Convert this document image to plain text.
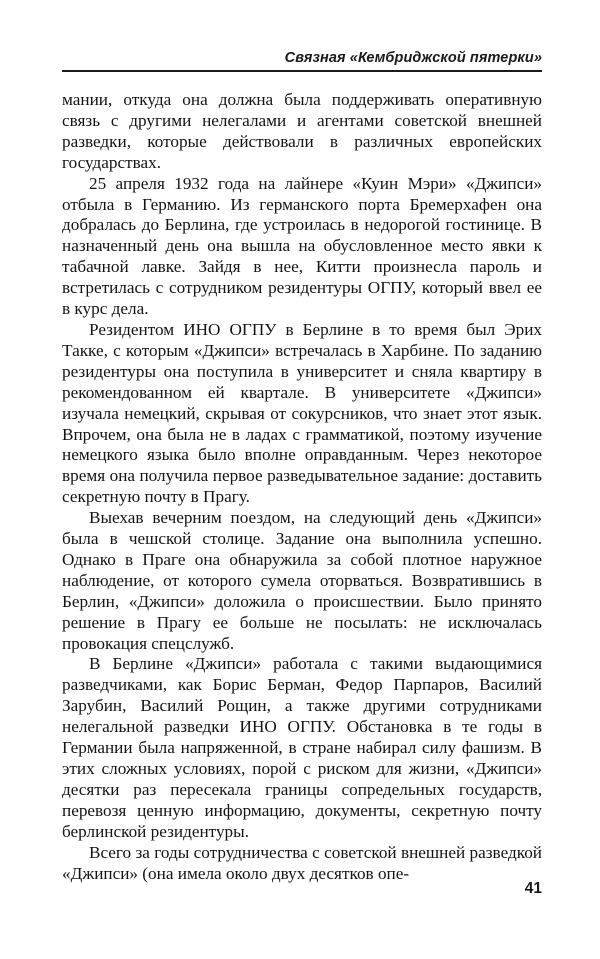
Связная «Кембриджской пятерки»

мании, откуда она должна была поддерживать оперативную связь с другими нелегалами и агентами советской внешней разведки, которые действовали в различных европейских государствах.

25 апреля 1932 года на лайнере «Куин Мэри» «Джипси» отбыла в Германию. Из германского порта Бремерхафен она добралась до Берлина, где устроилась в недорогой гостинице. В назначенный день она вышла на обусловленное место явки к табачной лавке. Зайдя в нее, Китти произнесла пароль и встретилась с сотрудником резидентуры ОГПУ, который ввел ее в курс дела.

Резидентом ИНО ОГПУ в Берлине в то время был Эрих Такке, с которым «Джипси» встречалась в Харбине. По заданию резидентуры она поступила в университет и сняла квартиру в рекомендованном ей квартале. В университете «Джипси» изучала немецкий, скрывая от сокурсников, что знает этот язык. Впрочем, она была не в ладах с грамматикой, поэтому изучение немецкого языка было вполне оправданным. Через некоторое время она получила первое разведывательное задание: доставить секретную почту в Прагу.

Выехав вечерним поездом, на следующий день «Джипси» была в чешской столице. Задание она выполнила успешно. Однако в Праге она обнаружила за собой плотное наружное наблюдение, от которого сумела оторваться. Возвратившись в Берлин, «Джипси» доложила о происшествии. Было принято решение в Прагу ее больше не посылать: не исключалась провокация спецслужб.

В Берлине «Джипси» работала с такими выдающимися разведчиками, как Борис Берман, Федор Парпаров, Василий Зарубин, Василий Рощин, а также другими сотрудниками нелегальной разведки ИНО ОГПУ. Обстановка в те годы в Германии была напряженной, в стране набирал силу фашизм. В этих сложных условиях, порой с риском для жизни, «Джипси» десятки раз пересекала границы сопредельных государств, перевозя ценную информацию, документы, секретную почту берлинской резидентуры.

Всего за годы сотрудничества с советской внешней разведкой «Джипси» (она имела около двух десятков опе-

41
